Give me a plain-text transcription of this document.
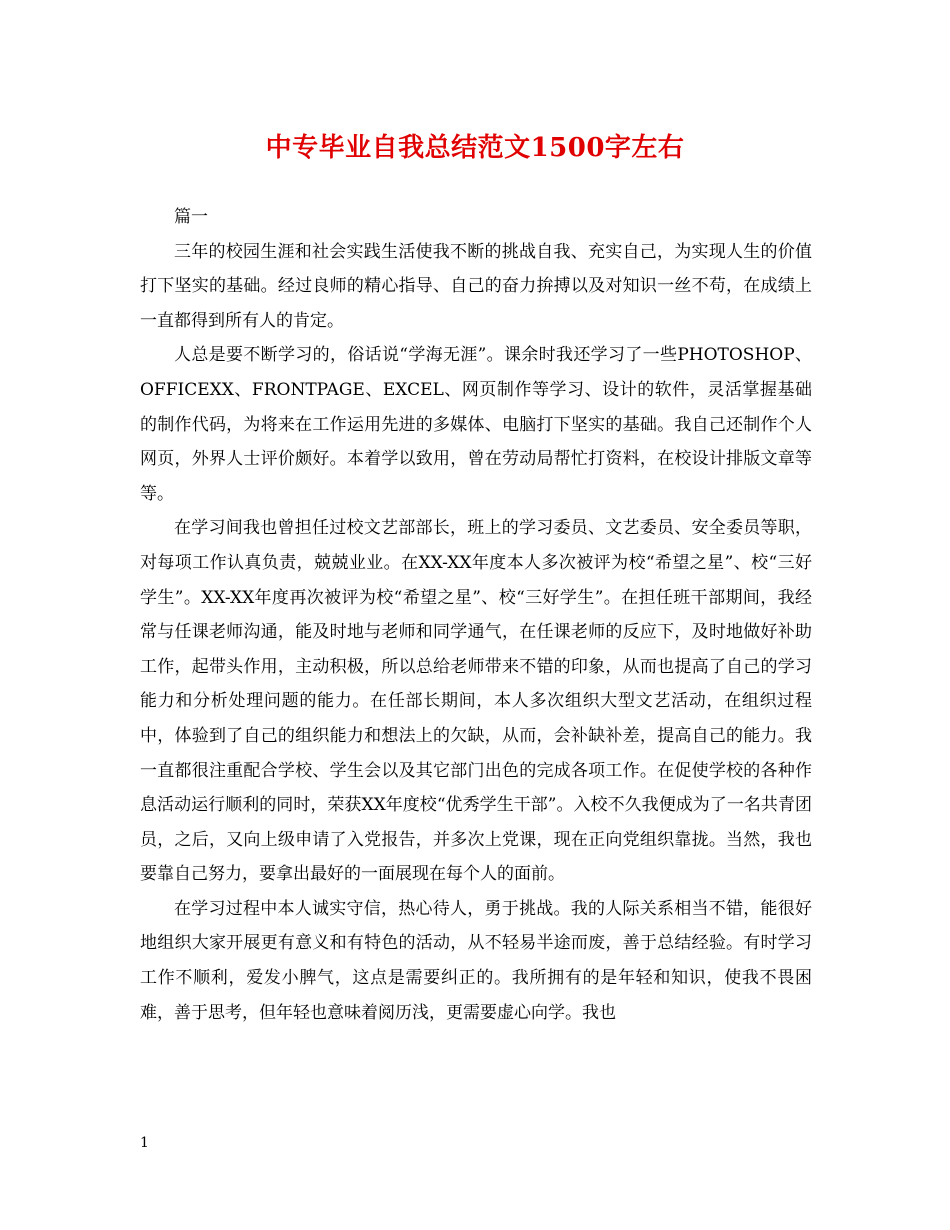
中专毕业自我总结范文1500字左右

篇一

三年的校园生涯和社会实践生活使我不断的挑战自我、充实自己，为实现人生的价值打下坚实的基础。经过良师的精心指导、自己的奋力拚搏以及对知识一丝不苟，在成绩上一直都得到所有人的肯定。

人总是要不断学习的，俗话说“学海无涯”。课余时我还学习了一些PHOTOSHOP、OFFICEXX、FRONTPAGE、EXCEL、网页制作等学习、设计的软件，灵活掌握基础的制作代码，为将来在工作运用先进的多媒体、电脑打下坚实的基础。我自己还制作个人网页，外界人士评价颇好。本着学以致用，曾在劳动局帮忙打资料，在校设计排版文章等等。

在学习间我也曾担任过校文艺部部长，班上的学习委员、文艺委员、安全委员等职，对每项工作认真负责，兢兢业业。在XX-XX年度本人多次被评为校“希望之星”、校“三好学生”。XX-XX年度再次被评为校“希望之星”、校“三好学生”。在担任班干部期间，我经常与任课老师沟通，能及时地与老师和同学通气，在任课老师的反应下，及时地做好补助工作，起带头作用，主动积极，所以总给老师带来不错的印象，从而也提高了自己的学习能力和分析处理问题的能力。在任部长期间，本人多次组织大型文艺活动，在组织过程中，体验到了自己的组织能力和想法上的欠缺，从而，会补缺补差，提高自己的能力。我一直都很注重配合学校、学生会以及其它部门出色的完成各项工作。在促使学校的各种作息活动运行顺利的同时，荣获XX年度校“优秀学生干部”。入校不久我便成为了一名共青团员，之后，又向上级申请了入党报告，并多次上党课，现在正向党组织靠拢。当然，我也要靠自己努力，要拿出最好的一面展现在每个人的面前。

在学习过程中本人诚实守信，热心待人，勇于挑战。我的人际关系相当不错，能很好地组织大家开展更有意义和有特色的活动，从不轻易半途而废，善于总结经验。有时学习工作不顺利，爱发小脾气，这点是需要纠正的。我所拥有的是年轻和知识，使我不畏困难，善于思考，但年轻也意味着阅历浅，更需要虚心向学。我也

1
